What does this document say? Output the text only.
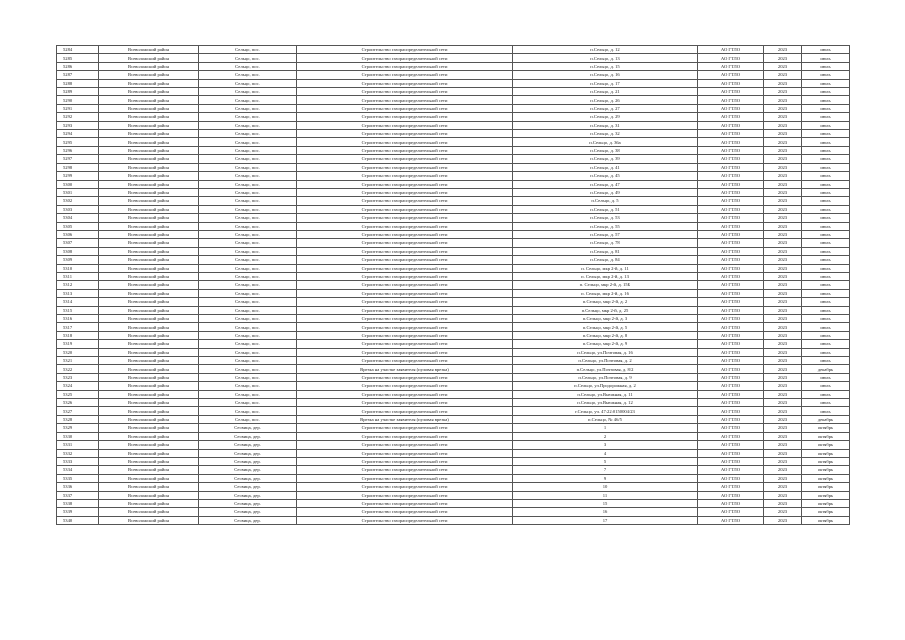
5284	Всеволожский район	Сельцо, пос.	Строительство газораспределительной сети	п.Сельцо, д. 12	АО ГТЛО	2023	июль
5285	Всеволожский район	Сельцо, пос.	Строительство газораспределительной сети	п.Сельцо, д. 13	АО ГТЛО	2023	июль
5286	Всеволожский район	Сельцо, пос.	Строительство газораспределительной сети	п.Сельцо, д. 15	АО ГТЛО	2023	июль
5287	Всеволожский район	Сельцо, пос.	Строительство газораспределительной сети	п.Сельцо, д. 16	АО ГТЛО	2023	июль
5288	Всеволожский район	Сельцо, пос.	Строительство газораспределительной сети	п.Сельцо, д. 17	АО ГТЛО	2023	июль
5289	Всеволожский район	Сельцо, пос.	Строительство газораспределительной сети	п.Сельцо, д. 21	АО ГТЛО	2023	июль
5290	Всеволожский район	Сельцо, пос.	Строительство газораспределительной сети	п.Сельцо, д. 26	АО ГТЛО	2023	июль
5291	Всеволожский район	Сельцо, пос.	Строительство газораспределительной сети	п.Сельцо, д. 27	АО ГТЛО	2023	июль
5292	Всеволожский район	Сельцо, пос.	Строительство газораспределительной сети	п.Сельцо, д. 29	АО ГТЛО	2023	июль
5293	Всеволожский район	Сельцо, пос.	Строительство газораспределительной сети	п.Сельцо, д. 31	АО ГТЛО	2023	июль
5294	Всеволожский район	Сельцо, пос.	Строительство газораспределительной сети	п.Сельцо, д. 32	АО ГТЛО	2023	июль
5295	Всеволожский район	Сельцо, пос.	Строительство газораспределительной сети	п.Сельцо, д. 36а	АО ГТЛО	2023	июль
5296	Всеволожский район	Сельцо, пос.	Строительство газораспределительной сети	п.Сельцо, д. 38	АО ГТЛО	2023	июль
5297	Всеволожский район	Сельцо, пос.	Строительство газораспределительной сети	п.Сельцо, д. 39	АО ГТЛО	2023	июль
5298	Всеволожский район	Сельцо, пос.	Строительство газораспределительной сети	п.Сельцо, д. 41	АО ГТЛО	2023	июль
5299	Всеволожский район	Сельцо, пос.	Строительство газораспределительной сети	п.Сельцо, д. 45	АО ГТЛО	2023	июль
5300	Всеволожский район	Сельцо, пос.	Строительство газораспределительной сети	п.Сельцо, д. 47	АО ГТЛО	2023	июль
5301	Всеволожский район	Сельцо, пос.	Строительство газораспределительной сети	п.Сельцо, д. 49	АО ГТЛО	2023	июль
5302	Всеволожский район	Сельцо, пос.	Строительство газораспределительной сети	п.Сельцо, д. 5	АО ГТЛО	2023	июль
5303	Всеволожский район	Сельцо, пос.	Строительство газораспределительной сети	п.Сельцо, д. 51	АО ГТЛО	2023	июль
5304	Всеволожский район	Сельцо, пос.	Строительство газораспределительной сети	п.Сельцо, д. 53	АО ГТЛО	2023	июль
5305	Всеволожский район	Сельцо, пос.	Строительство газораспределительной сети	п.Сельцо, д. 55	АО ГТЛО	2023	июль
5306	Всеволожский район	Сельцо, пос.	Строительство газораспределительной сети	п.Сельцо, д. 57	АО ГТЛО	2023	июль
5307	Всеволожский район	Сельцо, пос.	Строительство газораспределительной сети	п.Сельцо, д. 78	АО ГТЛО	2023	июль
5308	Всеволожский район	Сельцо, пос.	Строительство газораспределительной сети	п.Сельцо, д. 81	АО ГТЛО	2023	июль
5309	Всеволожский район	Сельцо, пос.	Строительство газораспределительной сети	п.Сельцо, д. 84	АО ГТЛО	2023	июль
5310	Всеволожский район	Сельцо, пос.	Строительство газораспределительной сети	п. Сельцо, мкр 2-й, д. 11	АО ГТЛО	2023	июль
5311	Всеволожский район	Сельцо, пос.	Строительство газораспределительной сети	п. Сельцо, мкр 2-й, д. 13	АО ГТЛО	2023	июль
5312	Всеволожский район	Сельцо, пос.	Строительство газораспределительной сети	п. Сельцо, мкр 2-й, д. 15Б	АО ГТЛО	2023	июль
5313	Всеволожский район	Сельцо, пос.	Строительство газораспределительной сети	п. Сельцо, мкр 2-й, д. 16	АО ГТЛО	2023	июль
5314	Всеволожский район	Сельцо, пос.	Строительство газораспределительной сети	п.Сельцо, мкр 2-й, д. 2	АО ГТЛО	2023	июль
5315	Всеволожский район	Сельцо, пос.	Строительство газораспределительной сети	п.Сельцо, мкр 2-й, д. 25	АО ГТЛО	2023	июль
5316	Всеволожский район	Сельцо, пос.	Строительство газораспределительной сети	п.Сельцо, мкр 2-й, д. 3	АО ГТЛО	2023	июль
5317	Всеволожский район	Сельцо, пос.	Строительство газораспределительной сети	п.Сельцо, мкр 2-й, д. 5	АО ГТЛО	2023	июль
5318	Всеволожский район	Сельцо, пос.	Строительство газораспределительной сети	п.Сельцо, мкр 2-й, д. 8	АО ГТЛО	2023	июль
5319	Всеволожский район	Сельцо, пос.	Строительство газораспределительной сети	п.Сельцо, мкр 2-й, д. 9	АО ГТЛО	2023	июль
5320	Всеволожский район	Сельцо, пос.	Строительство газораспределительной сети	п.Сельцо, ул.Почтовая, д. 16	АО ГТЛО	2023	июль
5321	Всеволожский район	Сельцо, пос.	Строительство газораспределительной сети	п.Сельцо, ул.Почтовая, д. 2	АО ГТЛО	2023	июль
5322	Всеволожский район	Сельцо, пос.	Врезка на участке заявителя (пуловая врезка)	п.Сельцо, ул.Почтовая, д. 8/2	АО ГТЛО	2023	декабрь
5323	Всеволожский район	Сельцо, пос.	Строительство газораспределительной сети	п.Сельцо, ул.Почтовая, д. 9	АО ГТЛО	2023	июль
5324	Всеволожский район	Сельцо, пос.	Строительство газораспределительной сети	п.Сельцо, ул.Продорожная, д. 2	АО ГТЛО	2023	июль
5325	Всеволожский район	Сельцо, пос.	Строительство газораспределительной сети	п.Сельцо, ул.Вьюжная, д. 11	АО ГТЛО	2023	июль
5326	Всеволожский район	Сельцо, пос.	Строительство газораспределительной сети	п.Сельцо, ул.Вьюжная, д. 12	АО ГТЛО	2023	июль
5327	Всеволожский район	Сельцо, пос.	Строительство газораспределительной сети	г.Сельцо, уч. 47:22:0150004/23	АО ГТЛО	2023	июль
5328	Всеволожский район	Сельцо, пос.	Врезка на участке заявителя (пуловая врезка)	п.Сельцо, № 46/5	АО ГТЛО	2023	декабрь
5329	Всеволожский район	Сесвица, дер.	Строительство газораспределительной сети	1	АО ГТЛО	2023	октябрь
5330	Всеволожский район	Сесвица, дер.	Строительство газораспределительной сети	2	АО ГТЛО	2023	октябрь
5331	Всеволожский район	Сесвица, дер.	Строительство газораспределительной сети	3	АО ГТЛО	2023	октябрь
5332	Всеволожский район	Сесвица, дер.	Строительство газораспределительной сети	4	АО ГТЛО	2023	октябрь
5333	Всеволожский район	Сесвица, дер.	Строительство газораспределительной сети	5	АО ГТЛО	2023	октябрь
5334	Всеволожский район	Сесвица, дер.	Строительство газораспределительной сети	7	АО ГТЛО	2023	октябрь
5335	Всеволожский район	Сесвица, дер.	Строительство газораспределительной сети	9	АО ГТЛО	2023	октябрь
5336	Всеволожский район	Сесвица, дер.	Строительство газораспределительной сети	10	АО ГТЛО	2023	октябрь
5337	Всеволожский район	Сесвица, дер.	Строительство газораспределительной сети	11	АО ГТЛО	2023	октябрь
5338	Всеволожский район	Сесвица, дер.	Строительство газораспределительной сети	15	АО ГТЛО	2023	октябрь
5339	Всеволожский район	Сесвица, дер.	Строительство газораспределительной сети	16	АО ГТЛО	2023	октябрь
5340	Всеволожский район	Сесвица, дер.	Строительство газораспределительной сети	17	АО ГТЛО	2023	октябрь
